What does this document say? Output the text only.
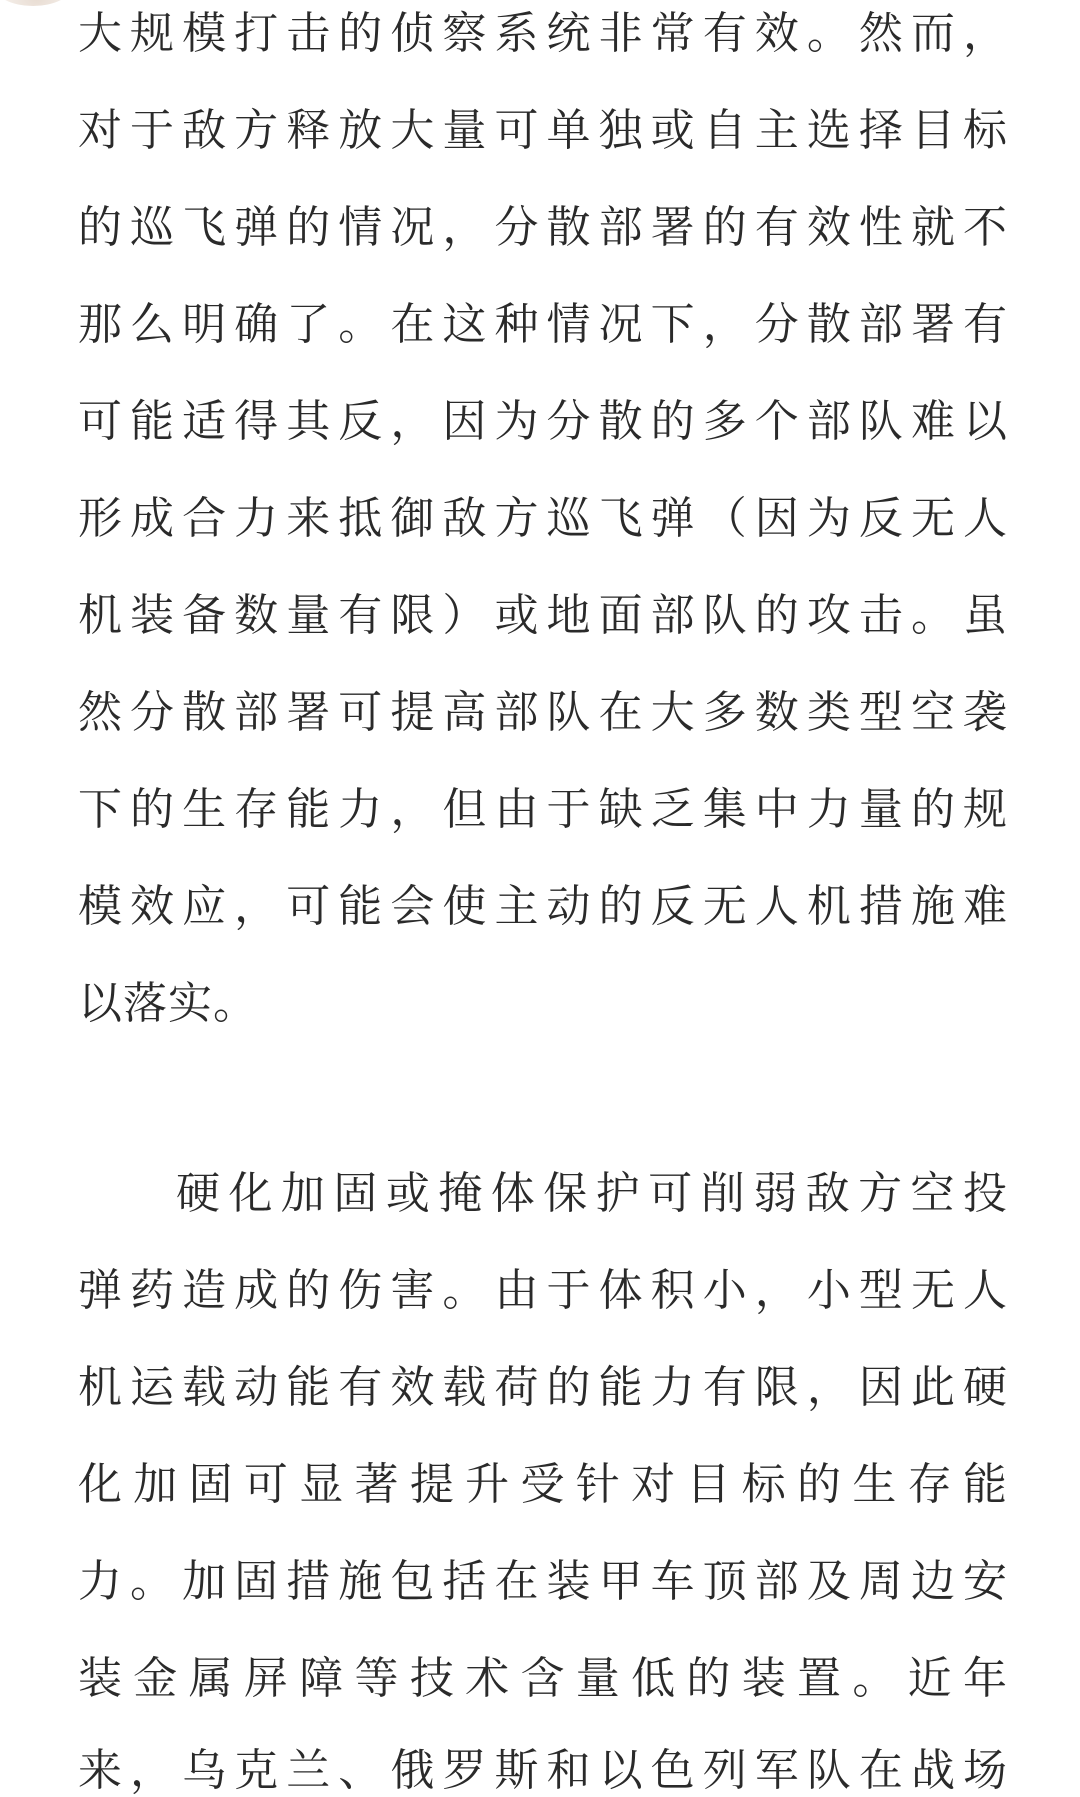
大规模打击的侦察系统非常有效。然而，

对于敌方释放大量可单独或自主选择目标

的巡飞弹的情况，分散部署的有效性就不

那么明确了。在这种情况下，分散部署有

可能适得其反，因为分散的多个部队难以

形成合力来抵御敌方巡飞弹（因为反无人

机装备数量有限）或地面部队的攻击。虽

然分散部署可提高部队在大多数类型空袭

下的生存能力，但由于缺乏集中力量的规

模效应，可能会使主动的反无人机措施难

以落实。

硬化加固或掩体保护可削弱敌方空投

弹药造成的伤害。由于体积小，小型无人

机运载动能有效载荷的能力有限，因此硬

化加固可显著提升受针对目标的生存能

力。加固措施包括在装甲车顶部及周边安

装金属屏障等技术含量低的装置。近年

来，乌克兰、俄罗斯和以色列军队在战场
